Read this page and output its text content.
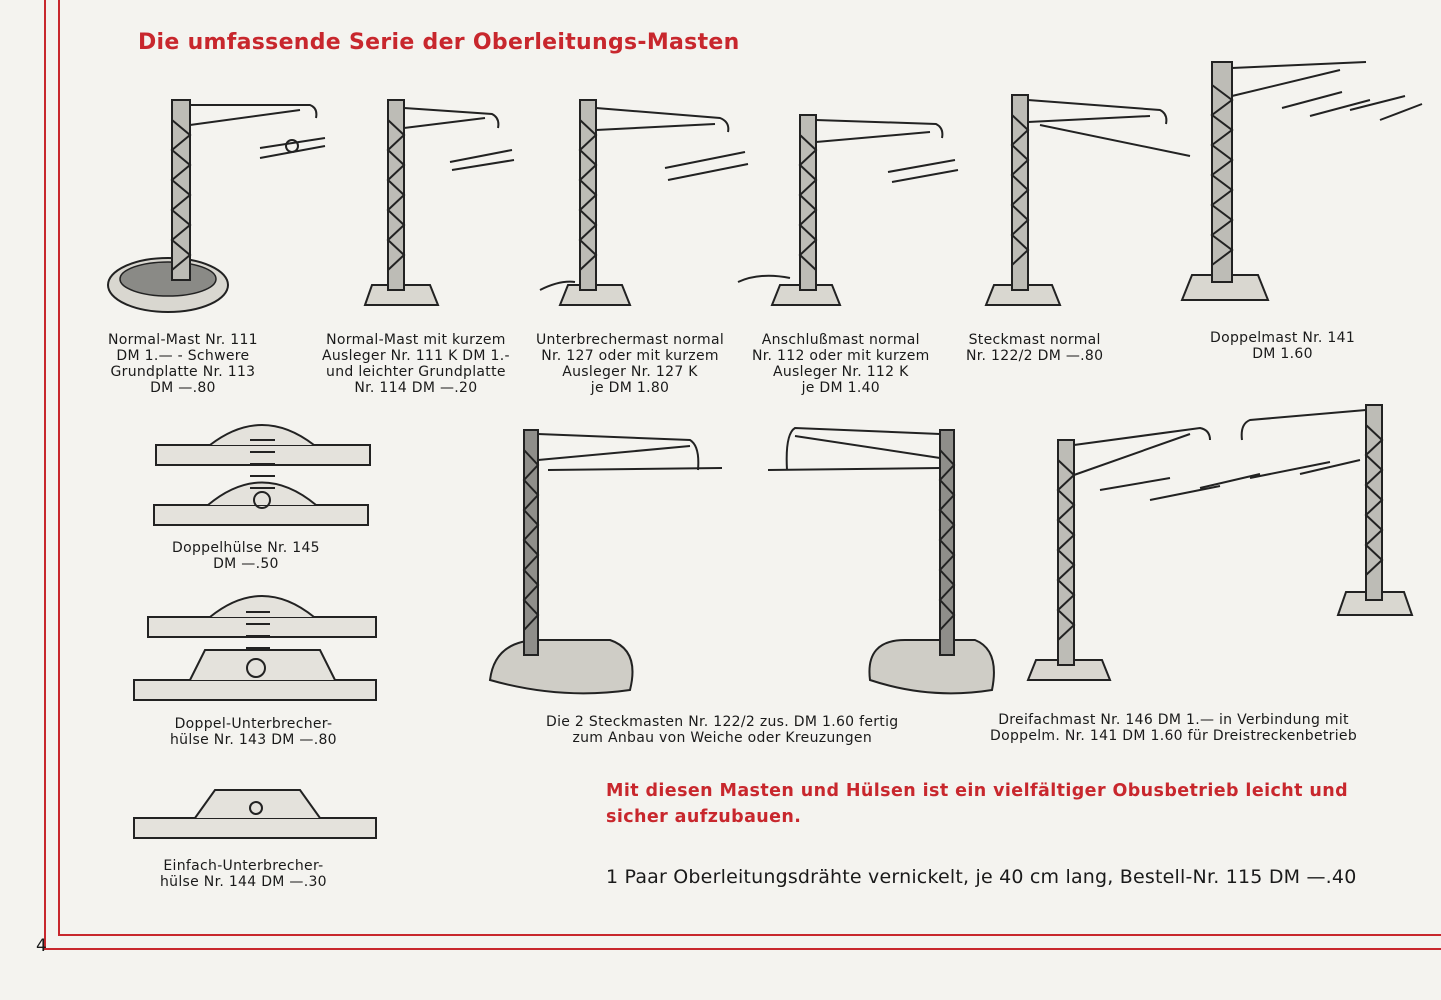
4
Die umfassende Serie der Oberleitungs-Masten
Normal-Mast Nr. 111
DM 1.— - Schwere
Grundplatte Nr. 113
DM —.80
Normal-Mast mit kurzem
Ausleger Nr. 111 K DM 1.-
und leichter Grundplatte
Nr. 114 DM —.20
Unterbrechermast normal
Nr. 127 oder mit kurzem
Ausleger Nr. 127 K
je DM 1.80
Anschlußmast normal
Nr. 112 oder mit kurzem
Ausleger Nr. 112 K
je DM 1.40
Steckmast normal
Nr. 122/2 DM —.80
Doppelmast Nr. 141
DM 1.60
Doppelhülse Nr. 145
DM —.50
Doppel-Unterbrecher-
hülse Nr. 143 DM —.80
Einfach-Unterbrecher-
hülse Nr. 144 DM —.30
Die 2 Steckmasten Nr. 122/2 zus. DM 1.60 fertig
zum Anbau von Weiche oder Kreuzungen
Dreifachmast Nr. 146 DM 1.— in Verbindung mit
Doppelm. Nr. 141 DM 1.60 für Dreistreckenbetrieb
Mit diesen Masten und Hülsen ist ein vielfältiger Obusbetrieb leicht und sicher aufzubauen.
1 Paar Oberleitungsdrähte vernickelt, je 40 cm lang, Bestell-Nr. 115 DM —.40
